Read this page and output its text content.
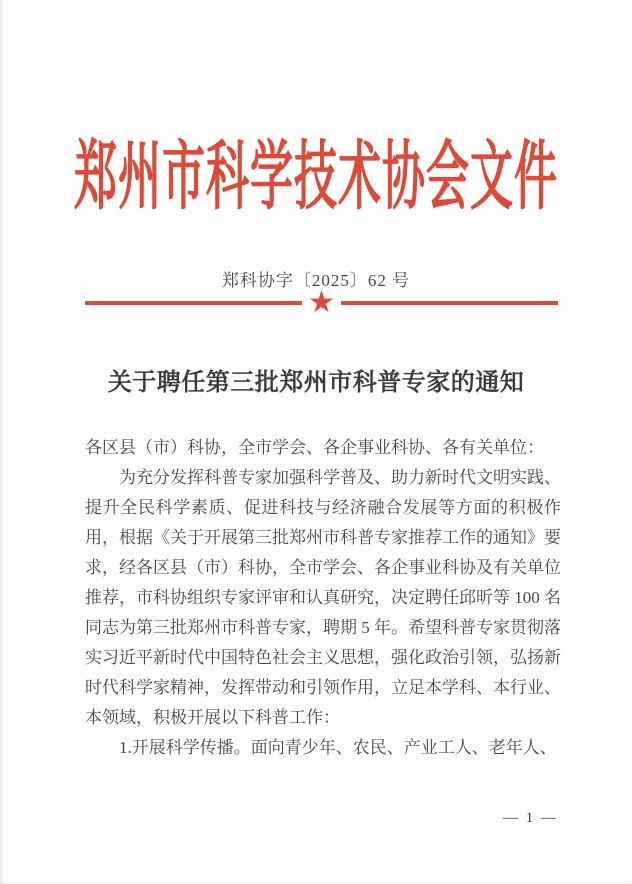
郑州市科学技术协会文件
郑科协字〔2025〕62 号
★
关于聘任第三批郑州市科普专家的通知

各区县（市）科协，全市学会、各企事业科协、各有关单位：

为充分发挥科普专家加强科学普及、助力新时代文明实践、提升全民科学素质、促进科技与经济融合发展等方面的积极作用，根据《关于开展第三批郑州市科普专家推荐工作的通知》要求，经各区县（市）科协，全市学会、各企事业科协及有关单位推荐，市科协组织专家评审和认真研究，决定聘任邱昕等 100 名同志为第三批郑州市科普专家，聘期 5 年。希望科普专家贯彻落实习近平新时代中国特色社会主义思想，强化政治引领，弘扬新时代科学家精神，发挥带动和引领作用，立足本学科、本行业、本领域，积极开展以下科普工作：

1.开展科学传播。面向青少年、农民、产业工人、老年人、

— 1 —
